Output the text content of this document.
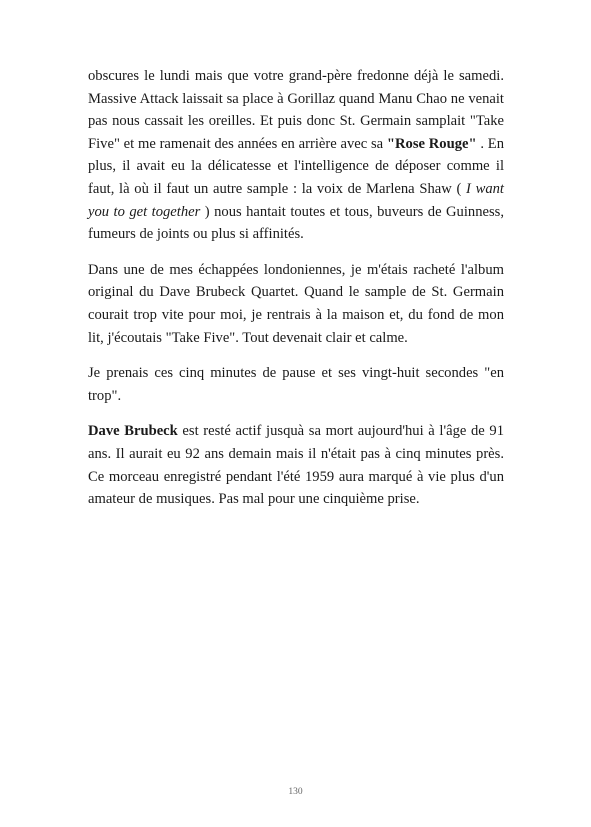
obscures le lundi mais que votre grand-père fredonne déjà le samedi. Massive Attack laissait sa place à Gorillaz quand Manu Chao ne venait pas nous cassait les oreilles. Et puis donc St. Germain samplait "Take Five" et me ramenait des années en arrière avec sa "Rose Rouge" . En plus, il avait eu la délicatesse et l'intelligence de déposer comme il faut, là où il faut un autre sample : la voix de Marlena Shaw ( I want you to get together ) nous hantait toutes et tous, buveurs de Guinness, fumeurs de joints ou plus si affinités.

Dans une de mes échappées londoniennes, je m'étais racheté l'album original du Dave Brubeck Quartet. Quand le sample de St. Germain courait trop vite pour moi, je rentrais à la maison et, du fond de mon lit, j'écoutais "Take Five". Tout devenait clair et calme.

Je prenais ces cinq minutes de pause et ses vingt-huit secondes "en trop".

Dave Brubeck est resté actif jusquà sa mort aujourd'hui à l'âge de 91 ans. Il aurait eu 92 ans demain mais il n'était pas à cinq minutes près. Ce morceau enregistré pendant l'été 1959 aura marqué à vie plus d'un amateur de musiques. Pas mal pour une cinquième prise.

130
